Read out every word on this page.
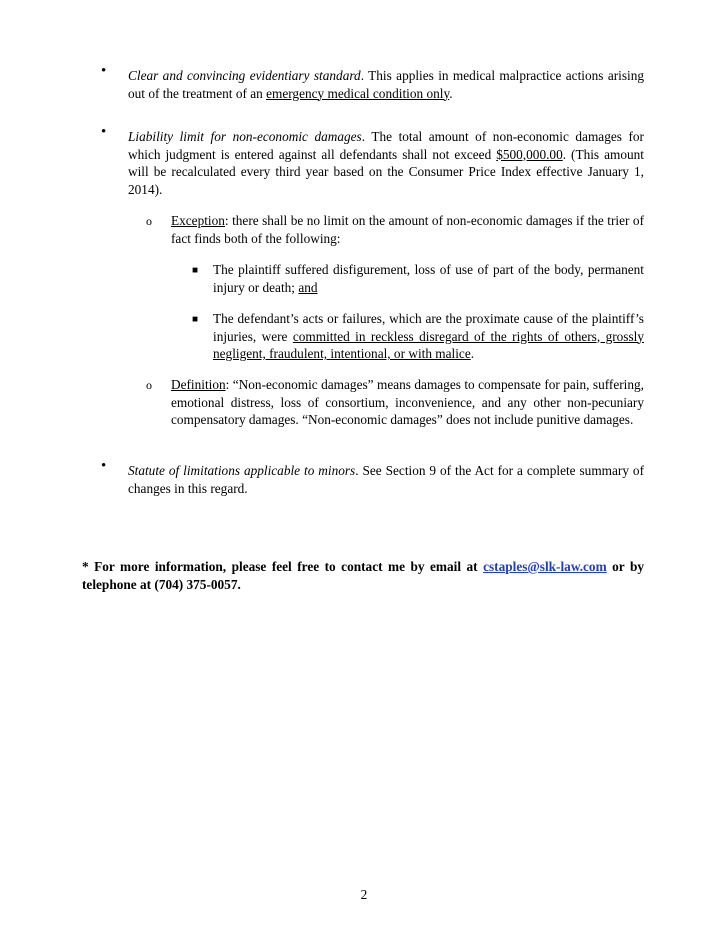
• Clear and convincing evidentiary standard. This applies in medical malpractice actions arising out of the treatment of an emergency medical condition only.
• Liability limit for non-economic damages. The total amount of non-economic damages for which judgment is entered against all defendants shall not exceed $500,000.00. (This amount will be recalculated every third year based on the Consumer Price Index effective January 1, 2014).
o Exception: there shall be no limit on the amount of non-economic damages if the trier of fact finds both of the following:
■ The plaintiff suffered disfigurement, loss of use of part of the body, permanent injury or death; and
■ The defendant’s acts or failures, which are the proximate cause of the plaintiff’s injuries, were committed in reckless disregard of the rights of others, grossly negligent, fraudulent, intentional, or with malice.
o Definition: “Non-economic damages” means damages to compensate for pain, suffering, emotional distress, loss of consortium, inconvenience, and any other non-pecuniary compensatory damages. “Non-economic damages” does not include punitive damages.
• Statute of limitations applicable to minors. See Section 9 of the Act for a complete summary of changes in this regard.
* For more information, please feel free to contact me by email at cstaples@slk-law.com or by telephone at (704) 375-0057.
2
